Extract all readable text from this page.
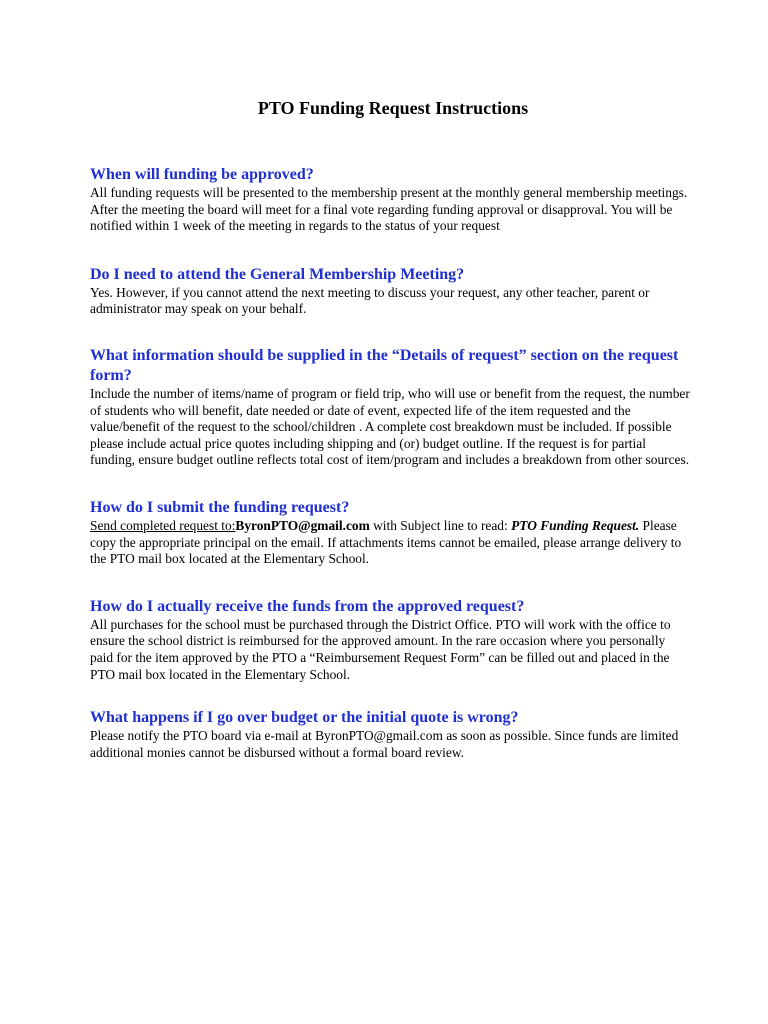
PTO Funding Request Instructions

When will funding be approved?

All funding requests will be presented to the membership present at the monthly general membership meetings. After the meeting the board will meet for a final vote regarding funding approval or disapproval. You will be notified within 1 week of the meeting in regards to the status of your request

Do I need to attend the General Membership Meeting?

Yes. However, if you cannot attend the next meeting to discuss your request, any other teacher, parent or administrator may speak on your behalf.

What information should be supplied in the “Details of request” section on the request form?

Include the number of items/name of program or field trip, who will use or benefit from the request, the number of students who will benefit, date needed or date of event, expected life of the item requested and the value/benefit of the request to the school/children . A complete cost breakdown must be included. If possible please include actual price quotes including shipping and (or) budget outline. If the request is for partial funding, ensure budget outline reflects total cost of item/program and includes a breakdown from other sources.

How do I submit the funding request?

Send completed request to:ByronPTO@gmail.com with Subject line to read: PTO Funding Request. Please copy the appropriate principal on the email. If attachments items cannot be emailed, please arrange delivery to the PTO mail box located at the Elementary School.

How do I actually receive the funds from the approved request?

All purchases for the school must be purchased through the District Office. PTO will work with the office to ensure the school district is reimbursed for the approved amount. In the rare occasion where you personally paid for the item approved by the PTO a “Reimbursement Request Form” can be filled out and placed in the PTO mail box located in the Elementary School.

What happens if I go over budget or the initial quote is wrong?

Please notify the PTO board via e-mail at ByronPTO@gmail.com as soon as possible. Since funds are limited additional monies cannot be disbursed without a formal board review.
